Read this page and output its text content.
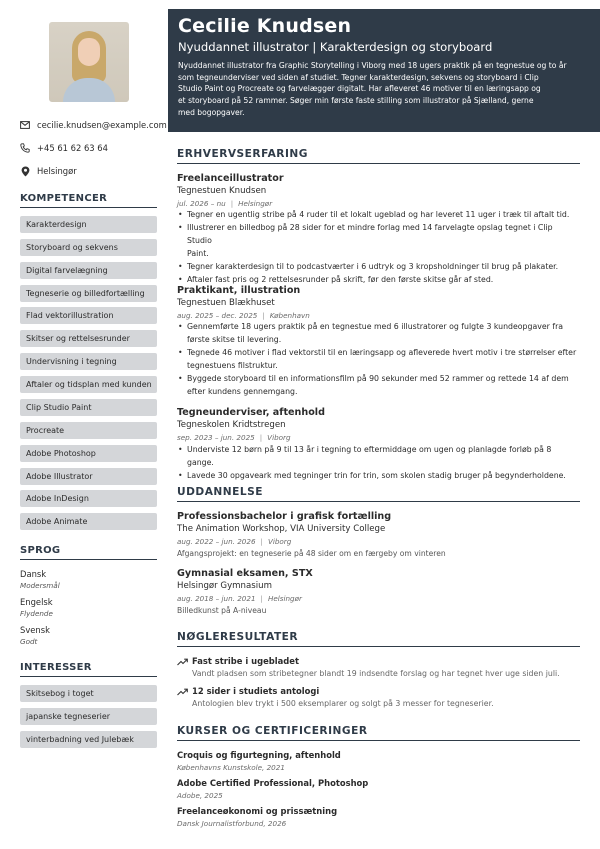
cecilie.knudsen@example.com
+45 61 62 63 64
Helsingør
KOMPETENCER
Karakterdesign
Storyboard og sekvens
Digital farvelægning
Tegneserie og billedfortælling
Flad vektorillustration
Skitser og rettelsesrunder
Undervisning i tegning
Aftaler og tidsplan med kunden
Clip Studio Paint
Procreate
Adobe Photoshop
Adobe Illustrator
Adobe InDesign
Adobe Animate
SPROG
Dansk
Modersmål
Engelsk
Flydende
Svensk
Godt
INTERESSER
Skitsebog i toget
japanske tegneserier
vinterbadning ved Julebæk
Cecilie Knudsen
Nyuddannet illustrator | Karakterdesign og storyboard
Nyuddannet illustrator fra Graphic Storytelling i Viborg med 18 ugers praktik på en tegnestue og to år
som tegneunderviser ved siden af studiet. Tegner karakterdesign, sekvens og storyboard i Clip
Studio Paint og Procreate og farvelægger digitalt. Har afleveret 46 motiver til en læringsapp og
et storyboard på 52 rammer. Søger min første faste stilling som illustrator på Sjælland, gerne
med bogopgaver.
ERHVERVSERFARING
Freelanceillustrator
Tegnestuen Knudsen
jul. 2026 – nu | Helsingør
• Tegner en ugentlig stribe på 4 ruder til et lokalt ugeblad og har leveret 11 uger i træk til aftalt tid.
• Illustrerer en billedbog på 28 sider for et mindre forlag med 14 farvelagte opslag tegnet i Clip Studio
Paint.
• Tegner karakterdesign til to podcastværter i 6 udtryk og 3 kropsholdninger til brug på plakater.
• Aftaler fast pris og 2 rettelsesrunder på skrift, før den første skitse går af sted.
Praktikant, illustration
Tegnestuen Blækhuset
aug. 2025 – dec. 2025 | København
• Gennemførte 18 ugers praktik på en tegnestue med 6 illustratorer og fulgte 3 kundeopgaver fra
første skitse til levering.
• Tegnede 46 motiver i flad vektorstil til en læringsapp og afleverede hvert motiv i tre størrelser efter
tegnestuens filstruktur.
• Byggede storyboard til en informationsfilm på 90 sekunder med 52 rammer og rettede 14 af dem
efter kundens gennemgang.
Tegneunderviser, aftenhold
Tegneskolen Kridtstregen
sep. 2023 – jun. 2025 | Viborg
• Underviste 12 børn på 9 til 13 år i tegning to eftermiddage om ugen og planlagde forløb på 8 gange.
• Lavede 30 opgaveark med tegninger trin for trin, som skolen stadig bruger på begynderholdene.
UDDANNELSE
Professionsbachelor i grafisk fortælling
The Animation Workshop, VIA University College
aug. 2022 – jun. 2026 | Viborg
Afgangsprojekt: en tegneserie på 48 sider om en færgeby om vinteren
Gymnasial eksamen, STX
Helsingør Gymnasium
aug. 2018 – jun. 2021 | Helsingør
Billedkunst på A-niveau
NØGLERESULTATER
Fast stribe i ugebladet
Vandt pladsen som stribetegner blandt 19 indsendte forslag og har tegnet hver uge siden juli.
12 sider i studiets antologi
Antologien blev trykt i 500 eksemplarer og solgt på 3 messer for tegneserier.
KURSER OG CERTIFICERINGER
Croquis og figurtegning, aftenhold
Københavns Kunstskole, 2021
Adobe Certified Professional, Photoshop
Adobe, 2025
Freelanceøkonomi og prissætning
Dansk Journalistforbund, 2026
